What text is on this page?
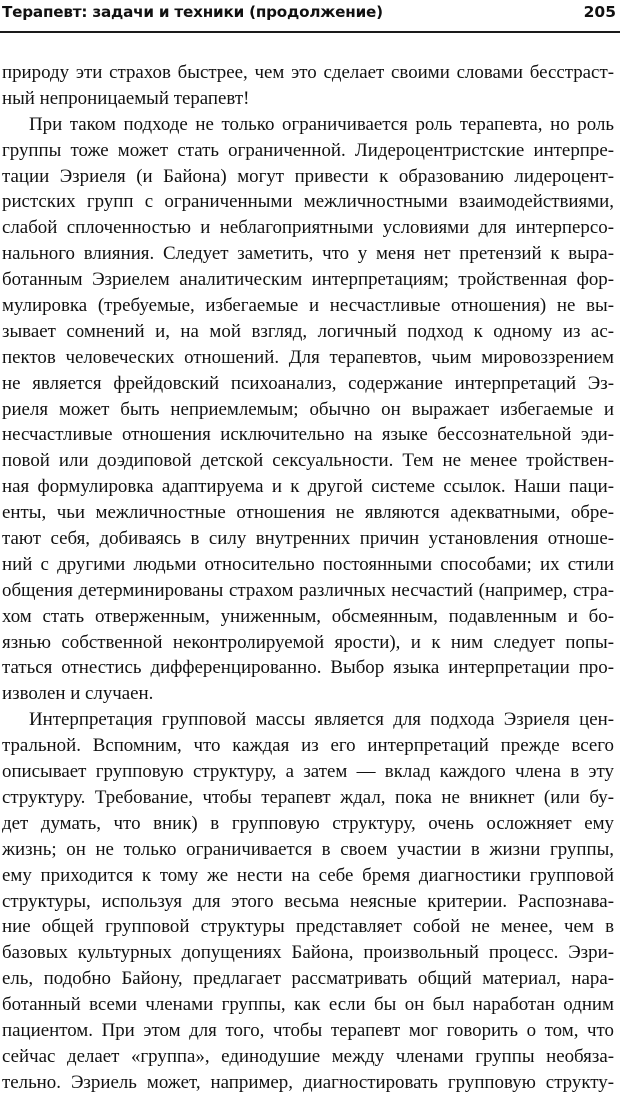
Терапевт: задачи и техники (продолжение)	205
природу эти страхов быстрее, чем это сделает своими словами бесстраст-
ный непроницаемый терапевт!
При таком подходе не только ограничивается роль терапевта, но роль
группы тоже может стать ограниченной. Лидероцентристские интерпре-
тации Эзриеля (и Байона) могут привести к образованию лидероцент-
ристских групп с ограниченными межличностными взаимодействиями,
слабой сплоченностью и неблагоприятными условиями для интерперсо-
нального влияния. Следует заметить, что у меня нет претензий к выра-
ботанным Эзриелем аналитическим интерпретациям; тройственная фор-
мулировка (требуемые, избегаемые и несчастливые отношения) не вы-
зывает сомнений и, на мой взгляд, логичный подход к одному из ас-
пектов человеческих отношений. Для терапевтов, чьим мировоззрением
не является фрейдовский психоанализ, содержание интерпретаций Эз-
риеля может быть неприемлемым; обычно он выражает избегаемые и
несчастливые отношения исключительно на языке бессознательной эди-
повой или доэдиповой детской сексуальности. Тем не менее тройствен-
ная формулировка адаптируема и к другой системе ссылок. Наши паци-
енты, чьи межличностные отношения не являются адекватными, обре-
тают себя, добиваясь в силу внутренних причин установления отноше-
ний с другими людьми относительно постоянными способами; их стили
общения детерминированы страхом различных несчастий (например, стра-
хом стать отверженным, униженным, обсмеянным, подавленным и бо-
язнью собственной неконтролируемой ярости), и к ним следует попы-
таться отнестись дифференцированно. Выбор языка интерпретации про-
изволен и случаен.
Интерпретация групповой массы является для подхода Эзриеля цен-
тральной. Вспомним, что каждая из его интерпретаций прежде всего
описывает групповую структуру, а затем — вклад каждого члена в эту
структуру. Требование, чтобы терапевт ждал, пока не вникнет (или бу-
дет думать, что вник) в групповую структуру, очень осложняет ему
жизнь; он не только ограничивается в своем участии в жизни группы,
ему приходится к тому же нести на себе бремя диагностики групповой
структуры, используя для этого весьма неясные критерии. Распознава-
ние общей групповой структуры представляет собой не менее, чем в
базовых культурных допущениях Байона, произвольный процесс. Эзри-
ель, подобно Байону, предлагает рассматривать общий материал, нара-
ботанный всеми членами группы, как если бы он был наработан одним
пациентом. При этом для того, чтобы терапевт мог говорить о том, что
сейчас делает «группа», единодушие между членами группы необяза-
тельно. Эзриель может, например, диагностировать групповую структу-
